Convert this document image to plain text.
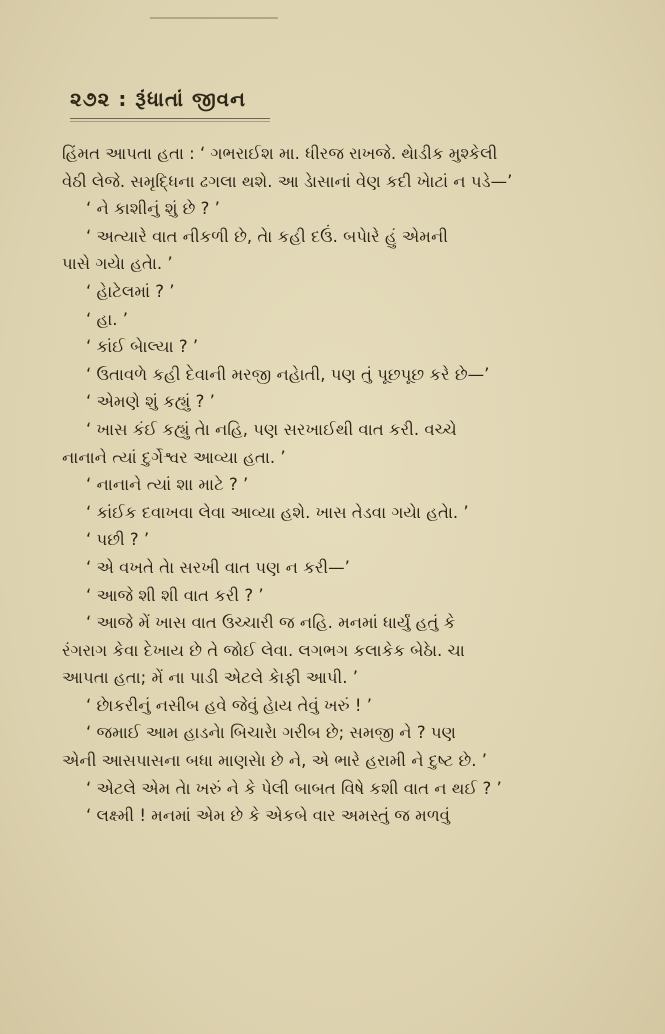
૨૭૨ : રૂંધાતાં જીવન
હિંમત આપતા હતા : ‘ ગભરાઈશ મા. ધીરજ રાખજે. થેાડીક મુશ્કેલી
વેઠી લેજે. સમૃદ્ધિના ઢગલા થશે. આ ડેાસાનાં વેણ કદી ખેાટાં ન પડે—’
‘ ને કાશીનું શું છે ? ’
‘ અત્યારે વાત નીકળી છે, તેા કહી દઉં. બપેારે હું એમની
પાસે ગયેા હતેા. ’
‘ હેાટેલમાં ? ’
‘ હા. ’
‘ કાંઈ બેાલ્યા ? ’
‘ ઉતાવળે કહી દેવાની મરજી નહેાતી, પણ તું પૂછપૂછ કરે છે—’
‘ એમણે શું કહ્યું ? ’
‘ ખાસ કંઈ કહ્યું તેા નહિ, પણ સરખાઈથી વાત કરી. વચ્ચે
નાનાને ત્યાં દુર્ગેશ્વર આવ્યા હતા. ’
‘ નાનાને ત્યાં શા માટે ? ’
‘ કાંઈક દવાખવા લેવા આવ્યા હશે. ખાસ તેડવા ગયેા હતેા. ’
‘ પછી ? ’
‘ એ વખતે તેા સરખી વાત પણ ન કરી—’
‘ આજે શી શી વાત કરી ? ’
‘ આજે મેં ખાસ વાત ઉચ્ચારી જ નહિ. મનમાં ધાર્યું હતું કે
રંગરાગ કેવા દેખાય છે તે જોઈ લેવા. લગભગ કલાકેક બેઠેા. ચા
આપતા હતા; મેં ના પાડી એટલે કેાફી આપી. ’
‘ છેાકરીનું નસીબ હવે જેવું હેાય તેવું ખરું ! ’
‘ જમાઈ આમ હાડનેા બિચારેા ગરીબ છે; સમજી ને ? પણ
એની આસપાસના બધા માણસેા છે ને, એ ભારે હરામી ને દુષ્ટ છે. ’
‘ એટલે એમ તેા ખરું ને કે પેલી બાબત વિષે કશી વાત ન થઈ ? ’
‘ લક્ષ્મી ! મનમાં એમ છે કે એકબે વાર અમસ્તું જ મળવું
